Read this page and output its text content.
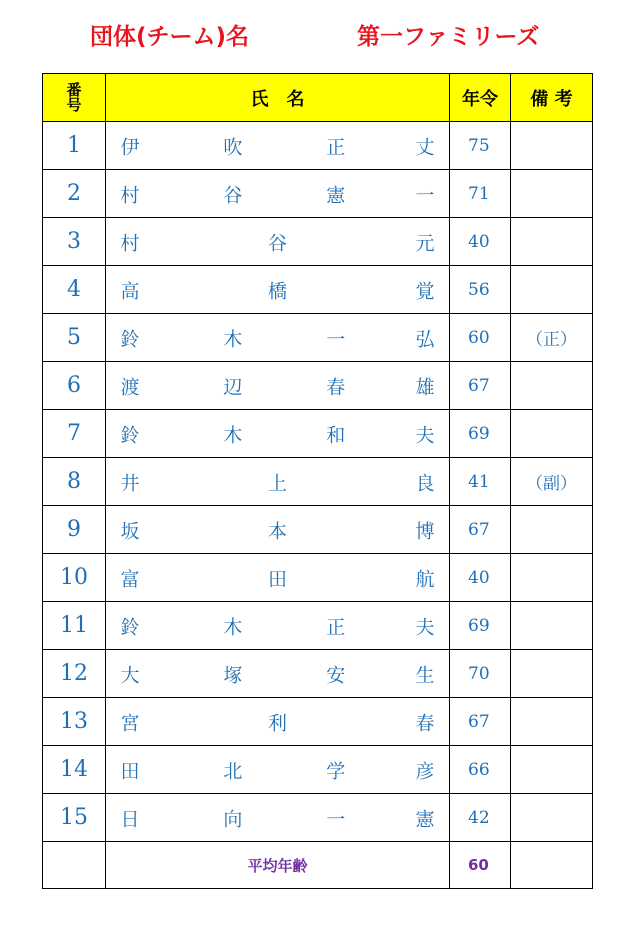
団体(チーム)名	第一ファミリーズ
番
号	氏　名	年令	備 考
1	伊 吹 正 丈	75	
2	村 谷 憲 一	71	
3	村 谷 元	40	
4	高 橋 覚	56	
5	鈴 木 一 弘	60	（正）
6	渡 辺 春 雄	67	
7	鈴 木 和 夫	69	
8	井 上 良	41	（副）
9	坂 本 博	67	
10	富 田 航	40	
11	鈴 木 正 夫	69	
12	大 塚 安 生	70	
13	宮 利 春	67	
14	田 北 学 彦	66	
15	日 向 一 憲	42	
	平均年齢	60	
